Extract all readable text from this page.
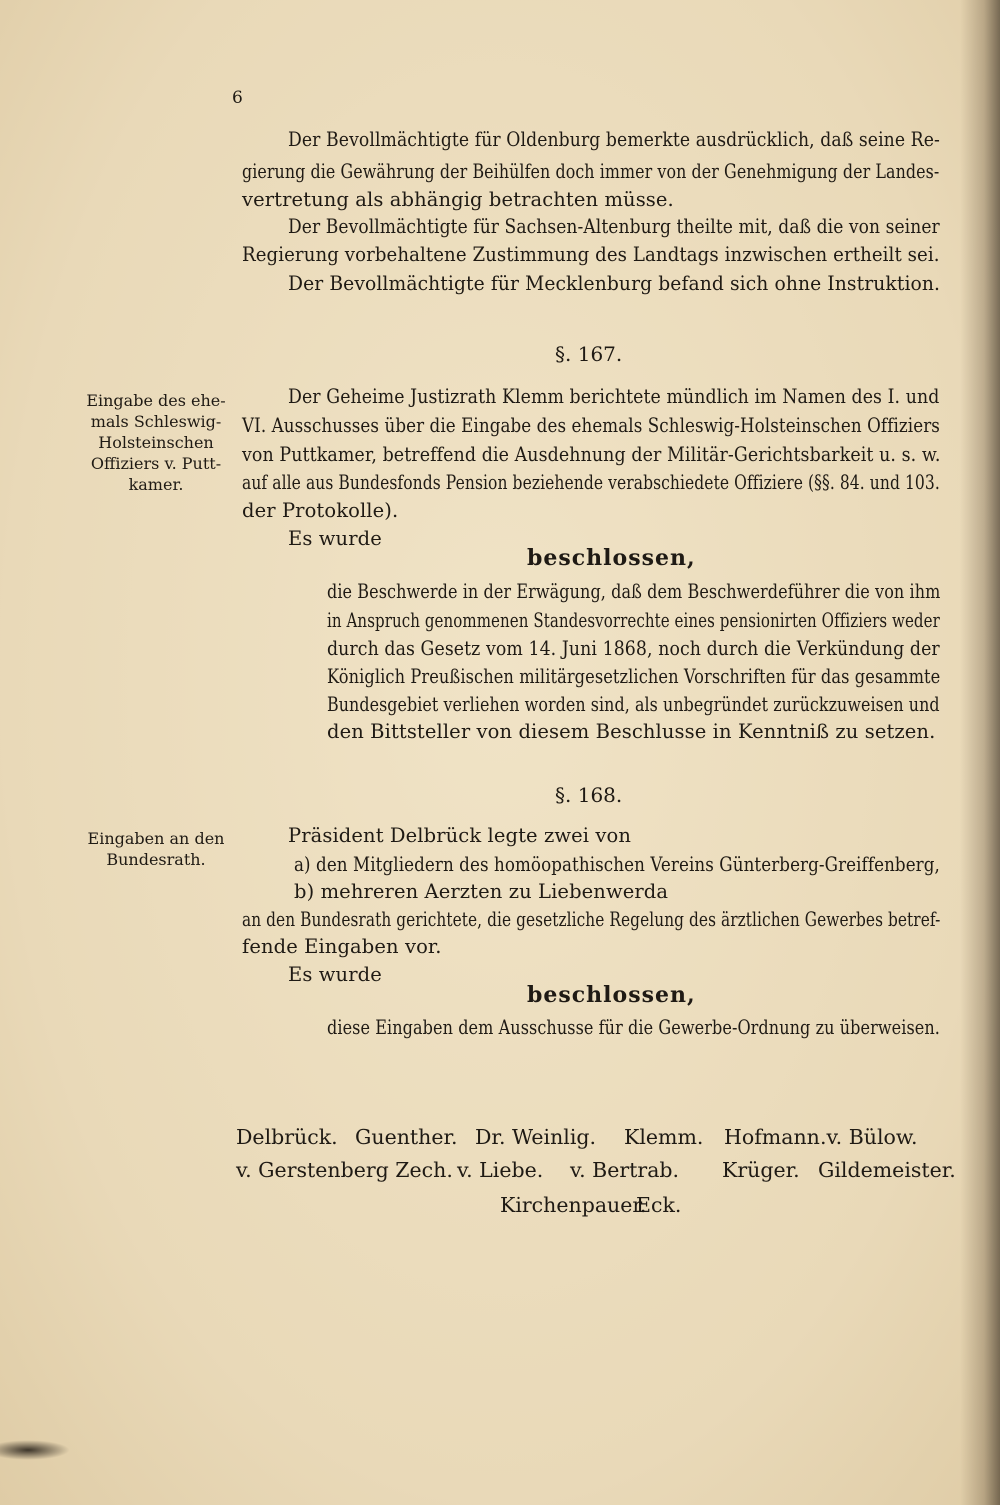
6
Der Bevollmächtigte für Oldenburg bemerkte ausdrücklich, daß seine Re-
gierung die Gewährung der Beihülfen doch immer von der Genehmigung der Landes-
vertretung als abhängig betrachten müsse.
Der Bevollmächtigte für Sachsen-Altenburg theilte mit, daß die von seiner
Regierung vorbehaltene Zustimmung des Landtags inzwischen ertheilt sei.
Der Bevollmächtigte für Mecklenburg befand sich ohne Instruktion.
§. 167.
Eingabe des ehe-
mals Schleswig-
Holsteinschen
Offiziers v. Putt-
kamer.
Der Geheime Justizrath Klemm berichtete mündlich im Namen des I. und
VI. Ausschusses über die Eingabe des ehemals Schleswig-Holsteinschen Offiziers
von Puttkamer, betreffend die Ausdehnung der Militär-Gerichtsbarkeit u. s. w.
auf alle aus Bundesfonds Pension beziehende verabschiedete Offiziere (§§. 84. und 103.
der Protokolle).
Es wurde
beschlossen,
die Beschwerde in der Erwägung, daß dem Beschwerdeführer die von ihm
in Anspruch genommenen Standesvorrechte eines pensionirten Offiziers weder
durch das Gesetz vom 14. Juni 1868, noch durch die Verkündung der
Königlich Preußischen militärgesetzlichen Vorschriften für das gesammte
Bundesgebiet verliehen worden sind, als unbegründet zurückzuweisen und
den Bittsteller von diesem Beschlusse in Kenntniß zu setzen.
§. 168.
Eingaben an den
Bundesrath.
Präsident Delbrück legte zwei von
a) den Mitgliedern des homöopathischen Vereins Günterberg-Greiffenberg,
b) mehreren Aerzten zu Liebenwerda
an den Bundesrath gerichtete, die gesetzliche Regelung des ärztlichen Gewerbes betref-
fende Eingaben vor.
Es wurde
beschlossen,
diese Eingaben dem Ausschusse für die Gewerbe-Ordnung zu überweisen.
Delbrück. Guenther. Dr. Weinlig. Klemm. Hofmann .v. Bülow.
v. Gerstenberg Zech. v. Liebe. v. Bertrab. Krüger. Gildemeister.
Kirchenpauer.
Eck.
